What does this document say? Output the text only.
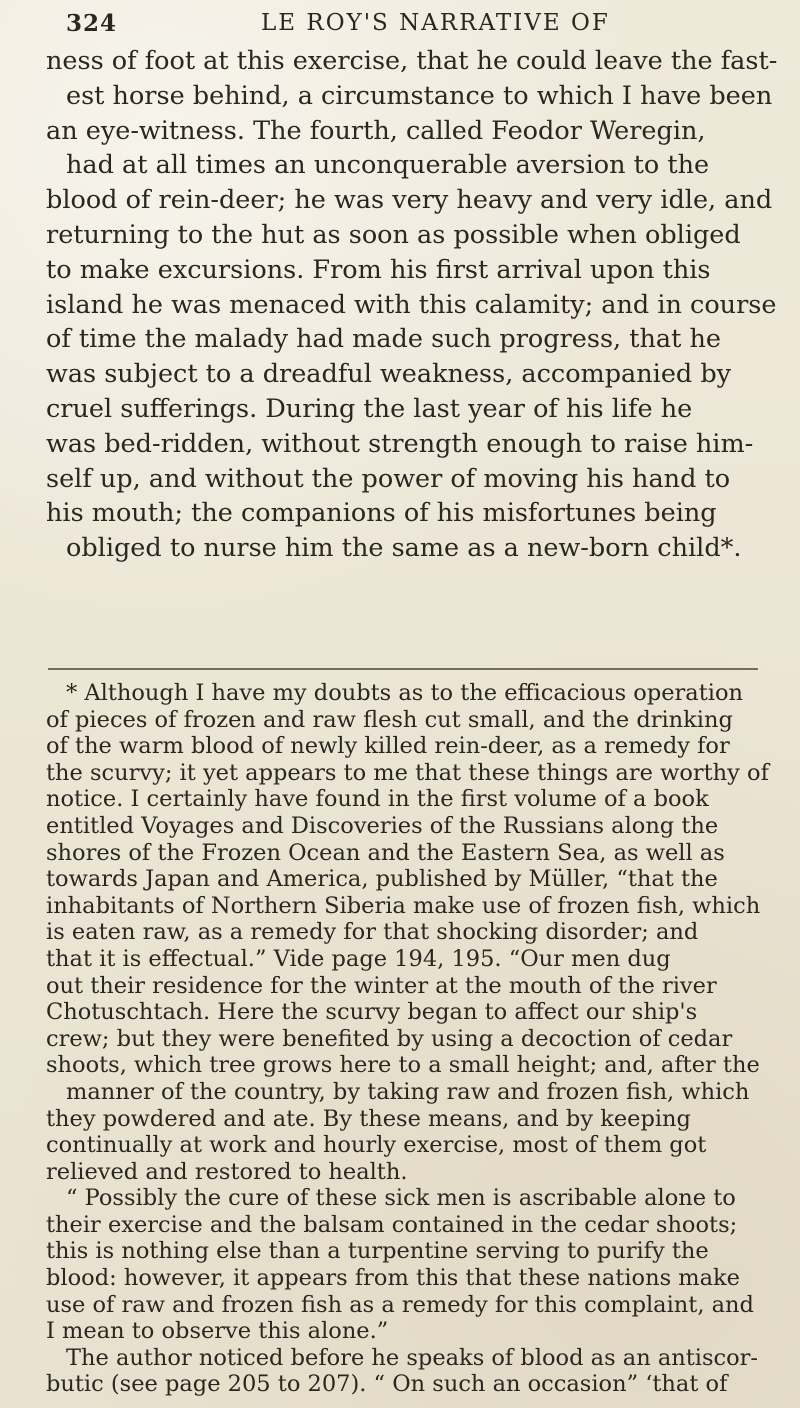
324	LE ROY'S NARRATIVE OF
ness of foot at this exercise, that he could leave the fast-
est horse behind, a circumstance to which I have been
an eye-witness. The fourth, called Feodor Weregin,
had at all times an unconquerable aversion to the
blood of rein-deer; he was very heavy and very idle, and
returning to the hut as soon as possible when obliged
to make excursions. From his first arrival upon this
island he was menaced with this calamity; and in course
of time the malady had made such progress, that he
was subject to a dreadful weakness, accompanied by
cruel sufferings. During the last year of his life he
was bed-ridden, without strength enough to raise him-
self up, and without the power of moving his hand to
his mouth; the companions of his misfortunes being
obliged to nurse him the same as a new-born child*.
* Although I have my doubts as to the efficacious operation
of pieces of frozen and raw flesh cut small, and the drinking
of the warm blood of newly killed rein-deer, as a remedy for
the scurvy; it yet appears to me that these things are worthy of
notice. I certainly have found in the first volume of a book
entitled Voyages and Discoveries of the Russians along the
shores of the Frozen Ocean and the Eastern Sea, as well as
towards Japan and America, published by Müller, “that the
inhabitants of Northern Siberia make use of frozen fish, which
is eaten raw, as a remedy for that shocking disorder; and
that it is effectual.” Vide page 194, 195. “Our men dug
out their residence for the winter at the mouth of the river
Chotuschtach. Here the scurvy began to affect our ship's
crew; but they were benefited by using a decoction of cedar
shoots, which tree grows here to a small height; and, after the
manner of the country, by taking raw and frozen fish, which
they powdered and ate. By these means, and by keeping
continually at work and hourly exercise, most of them got
relieved and restored to health.
“ Possibly the cure of these sick men is ascribable alone to
their exercise and the balsam contained in the cedar shoots;
this is nothing else than a turpentine serving to purify the
blood: however, it appears from this that these nations make
use of raw and frozen fish as a remedy for this complaint, and
I mean to observe this alone.”
The author noticed before he speaks of blood as an antiscor-
butic (see page 205 to 207). “ On such an occasion” ‘that of
